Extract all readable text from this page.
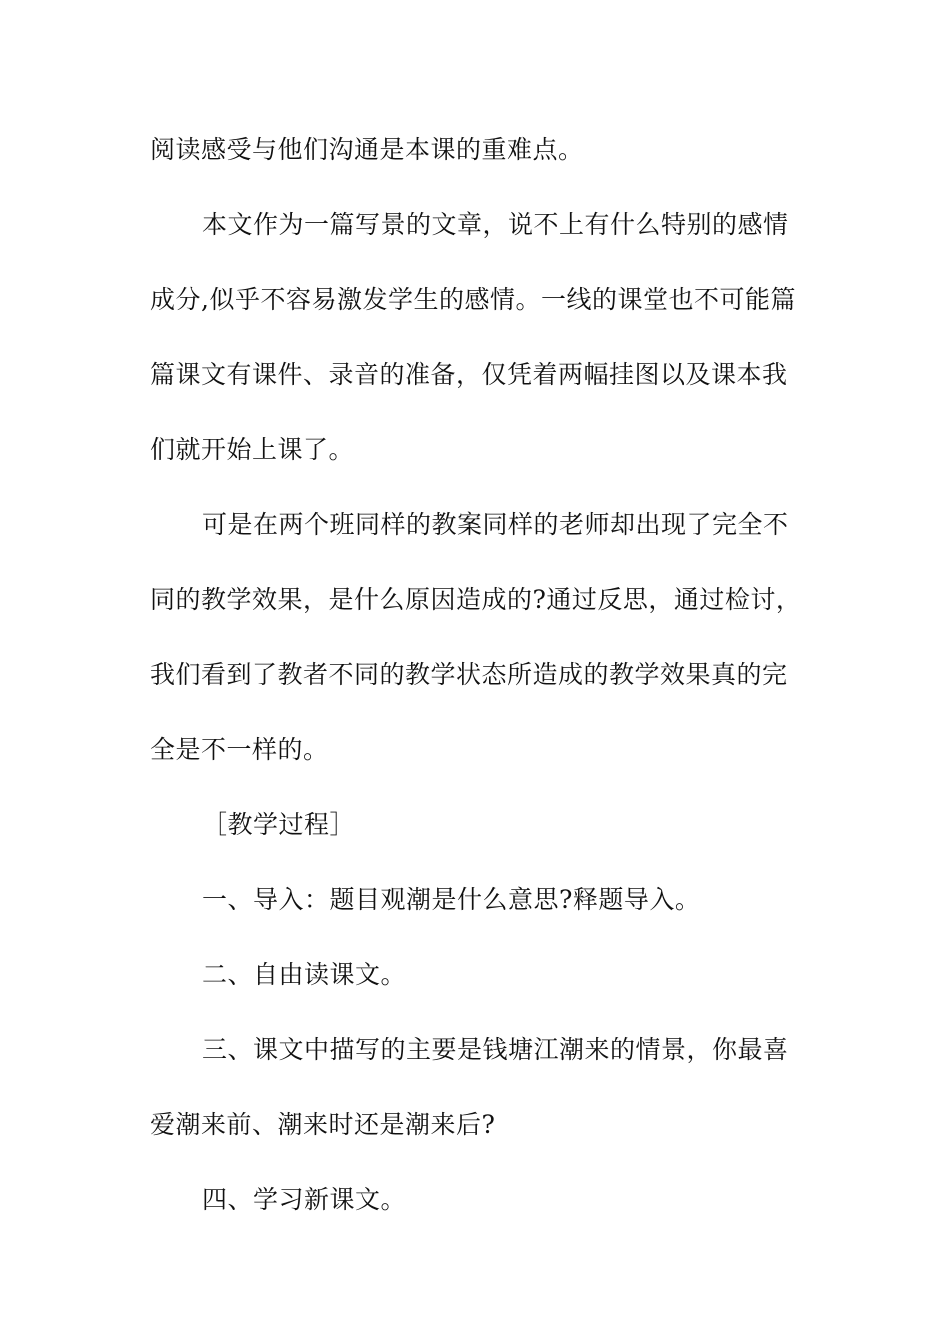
阅读感受与他们沟通是本课的重难点。
本文作为一篇写景的文章，说不上有什么特别的感情
成分,似乎不容易激发学生的感情。一线的课堂也不可能篇
篇课文有课件、录音的准备，仅凭着两幅挂图以及课本我
们就开始上课了。
可是在两个班同样的教案同样的老师却出现了完全不
同的教学效果，是什么原因造成的?通过反思，通过检讨，
我们看到了教者不同的教学状态所造成的教学效果真的完
全是不一样的。
［教学过程］
一、导入：题目观潮是什么意思?释题导入。
二、自由读课文。
三、课文中描写的主要是钱塘江潮来的情景，你最喜
爱潮来前、潮来时还是潮来后?
四、学习新课文。
